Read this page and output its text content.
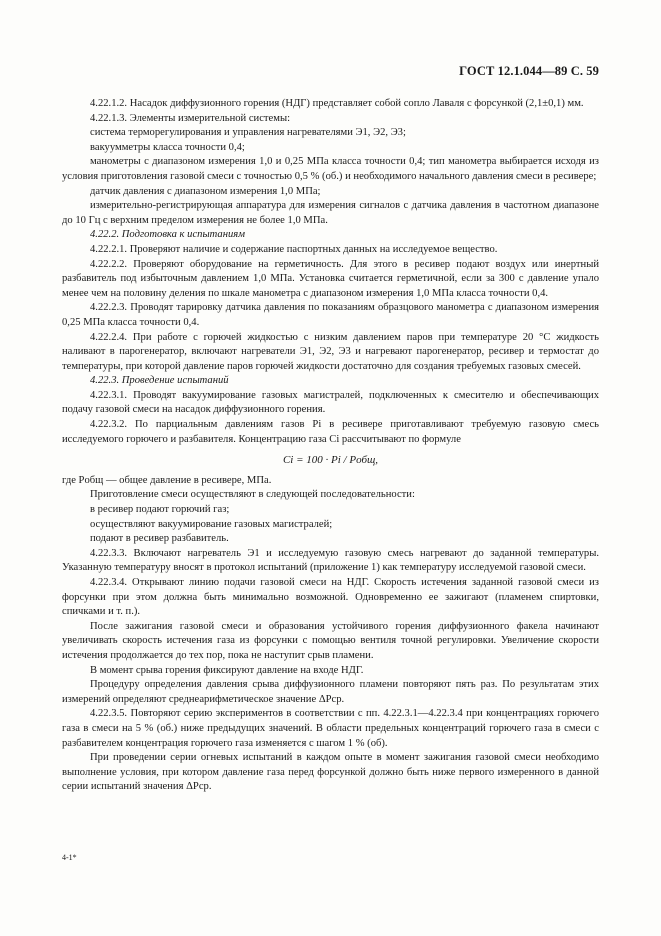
ГОСТ 12.1.044—89 С. 59

4.22.1.2. Насадок диффузионного горения (НДГ) представляет собой сопло Лаваля с форсункой (2,1±0,1) мм.

4.22.1.3. Элементы измерительной системы:

система терморегулирования и управления нагревателями Э1, Э2, Э3;

вакуумметры класса точности 0,4;

манометры с диапазоном измерения 1,0 и 0,25 МПа класса точности 0,4; тип манометра выбирается исходя из условия приготовления газовой смеси с точностью 0,5 % (об.) и необходимого начального давления смеси в ресивере;

датчик давления с диапазоном измерения 1,0 МПа;

измерительно-регистрирующая аппаратура для измерения сигналов с датчика давления в частотном диапазоне до 10 Гц с верхним пределом измерения не более 1,0 МПа.

4.22.2. Подготовка к испытаниям

4.22.2.1. Проверяют наличие и содержание паспортных данных на исследуемое вещество.

4.22.2.2. Проверяют оборудование на герметичность. Для этого в ресивер подают воздух или инертный разбавитель под избыточным давлением 1,0 МПа. Установка считается герметичной, если за 300 с давление упало менее чем на половину деления по шкале манометра с диапазоном измерения 1,0 МПа класса точности 0,4.

4.22.2.3. Проводят тарировку датчика давления по показаниям образцового манометра с диапазоном измерения 0,25 МПа класса точности 0,4.

4.22.2.4. При работе с горючей жидкостью с низким давлением паров при температуре 20 °С жидкость наливают в парогенератор, включают нагреватели Э1, Э2, Э3 и нагревают парогенератор, ресивер и термостат до температуры, при которой давление паров горючей жидкости достаточно для создания требуемых газовых смесей.

4.22.3. Проведение испытаний

4.22.3.1. Проводят вакуумирование газовых магистралей, подключенных к смесителю и обеспечивающих подачу газовой смеси на насадок диффузионного горения.

4.22.3.2. По парциальным давлениям газов Pi в ресивере приготавливают требуемую газовую смесь исследуемого горючего и разбавителя. Концентрацию газа Ci рассчитывают по формуле

Ci = 100 · Pi / Pобщ,

где Pобщ — общее давление в ресивере, МПа.

Приготовление смеси осуществляют в следующей последовательности:

в ресивер подают горючий газ;

осуществляют вакуумирование газовых магистралей;

подают в ресивер разбавитель.

4.22.3.3. Включают нагреватель Э1 и исследуемую газовую смесь нагревают до заданной температуры. Указанную температуру вносят в протокол испытаний (приложение 1) как температуру исследуемой газовой смеси.

4.22.3.4. Открывают линию подачи газовой смеси на НДГ. Скорость истечения заданной газовой смеси из форсунки при этом должна быть минимально возможной. Одновременно ее зажигают (пламенем спиртовки, спичками и т. п.).

После зажигания газовой смеси и образования устойчивого горения диффузионного факела начинают увеличивать скорость истечения газа из форсунки с помощью вентиля точной регулировки. Увеличение скорости истечения продолжается до тех пор, пока не наступит срыв пламени.

В момент срыва горения фиксируют давление на входе НДГ.

Процедуру определения давления срыва диффузионного пламени повторяют пять раз. По результатам этих измерений определяют среднеарифметическое значение ΔPср.

4.22.3.5. Повторяют серию экспериментов в соответствии с пп. 4.22.3.1—4.22.3.4 при концентрациях горючего газа в смеси на 5 % (об.) ниже предыдущих значений. В области предельных концентраций горючего газа в смеси с разбавителем концентрация горючего газа изменяется с шагом 1 % (об).

При проведении серии огневых испытаний в каждом опыте в момент зажигания газовой смеси необходимо выполнение условия, при котором давление газа перед форсункой должно быть ниже первого измеренного в данной серии испытаний значения ΔPср.

4-1*
